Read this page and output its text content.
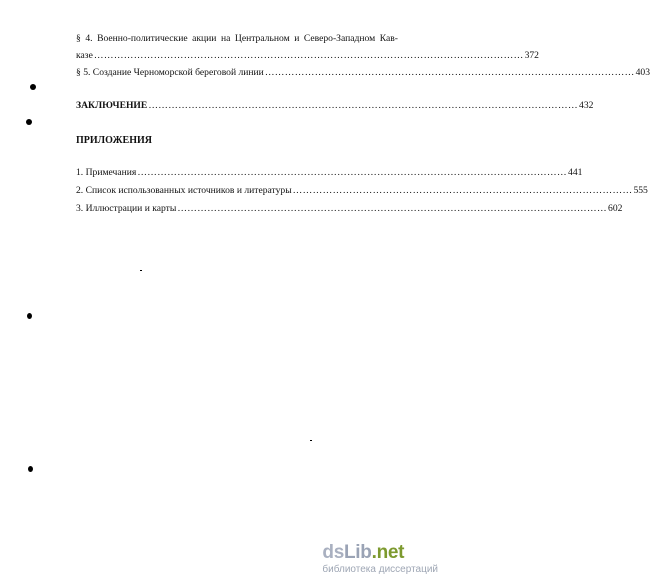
§ 4. Военно-политические акции на Центральном и Северо-Западном Кав-
казе ………………………………………………………………………………………………………………… 372
§ 5. Создание Черноморской береговой линии ………………………………………………………………………………………………… 403
ЗАКЛЮЧЕНИЕ ………………………………………………………………………………………………………………… 432
ПРИЛОЖЕНИЯ
1. Примечания ………………………………………………………………………………………………………………… 441
2. Список использованных источников и литературы ………………………………………………………………………………………… 555
3. Иллюстрации и карты ………………………………………………………………………………………………………………… 602
dsLib.net
библиотека диссертаций
